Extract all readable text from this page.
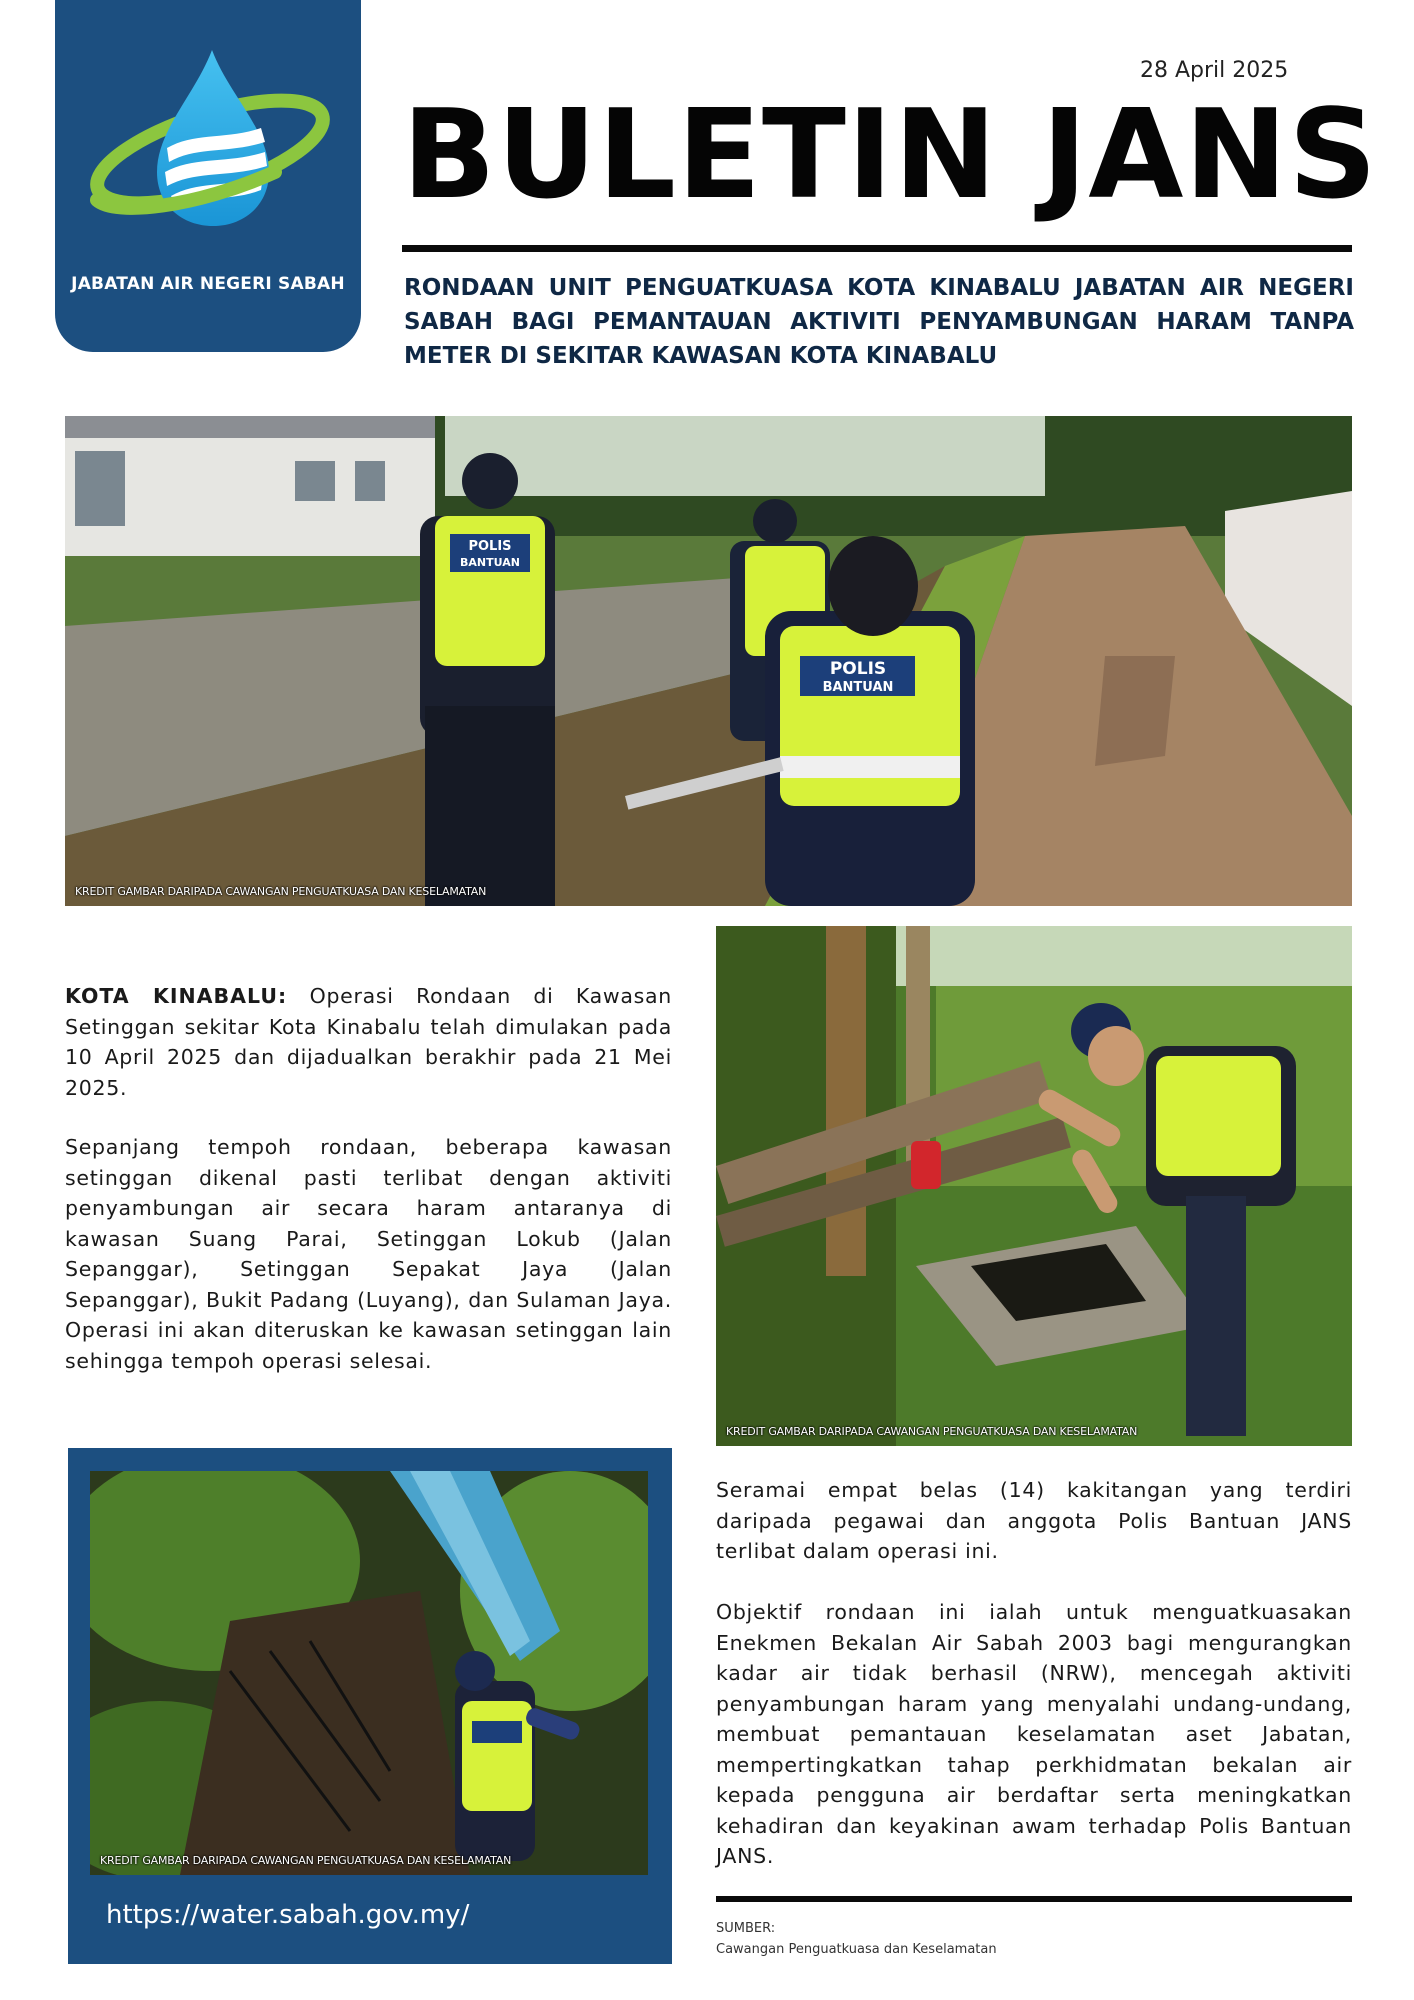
JABATAN AIR NEGERI SABAH
28 April 2025
BULETIN JANS
RONDAAN UNIT PENGUATKUASA KOTA KINABALU JABATAN AIR NEGERI SABAH BAGI PEMANTAUAN AKTIVITI PENYAMBUNGAN HARAM TANPA METER DI SEKITAR KAWASAN KOTA KINABALU
POLIS
BANTUAN
POLIS
BANTUAN
KREDIT GAMBAR DARIPADA CAWANGAN PENGUATKUASA DAN KESELAMATAN
KOTA KINABALU: Operasi Rondaan di Kawasan Setinggan sekitar Kota Kinabalu telah dimulakan pada 10 April 2025 dan dijadualkan berakhir pada 21 Mei 2025.
Sepanjang tempoh rondaan, beberapa kawasan setinggan dikenal pasti terlibat dengan aktiviti penyambungan air secara haram antaranya di kawasan Suang Parai, Setinggan Lokub (Jalan Sepanggar), Setinggan Sepakat Jaya (Jalan Sepanggar), Bukit Padang (Luyang), dan Sulaman Jaya. Operasi ini akan diteruskan ke kawasan setinggan lain sehingga tempoh operasi selesai.
KREDIT GAMBAR DARIPADA CAWANGAN PENGUATKUASA DAN KESELAMATAN
Seramai empat belas (14) kakitangan yang terdiri daripada pegawai dan anggota Polis Bantuan JANS terlibat dalam operasi ini.
Objektif rondaan ini ialah untuk menguatkuasakan Enekmen Bekalan Air Sabah 2003 bagi mengurangkan kadar air tidak berhasil (NRW), mencegah aktiviti penyambungan haram yang menyalahi undang-undang, membuat pemantauan keselamatan aset Jabatan, mempertingkatkan tahap perkhidmatan bekalan air kepada pengguna air berdaftar serta meningkatkan kehadiran dan keyakinan awam terhadap Polis Bantuan JANS.
KREDIT GAMBAR DARIPADA CAWANGAN PENGUATKUASA DAN KESELAMATAN
https://water.sabah.gov.my/	SUMBER:
Cawangan Penguatkuasa dan Keselamatan
